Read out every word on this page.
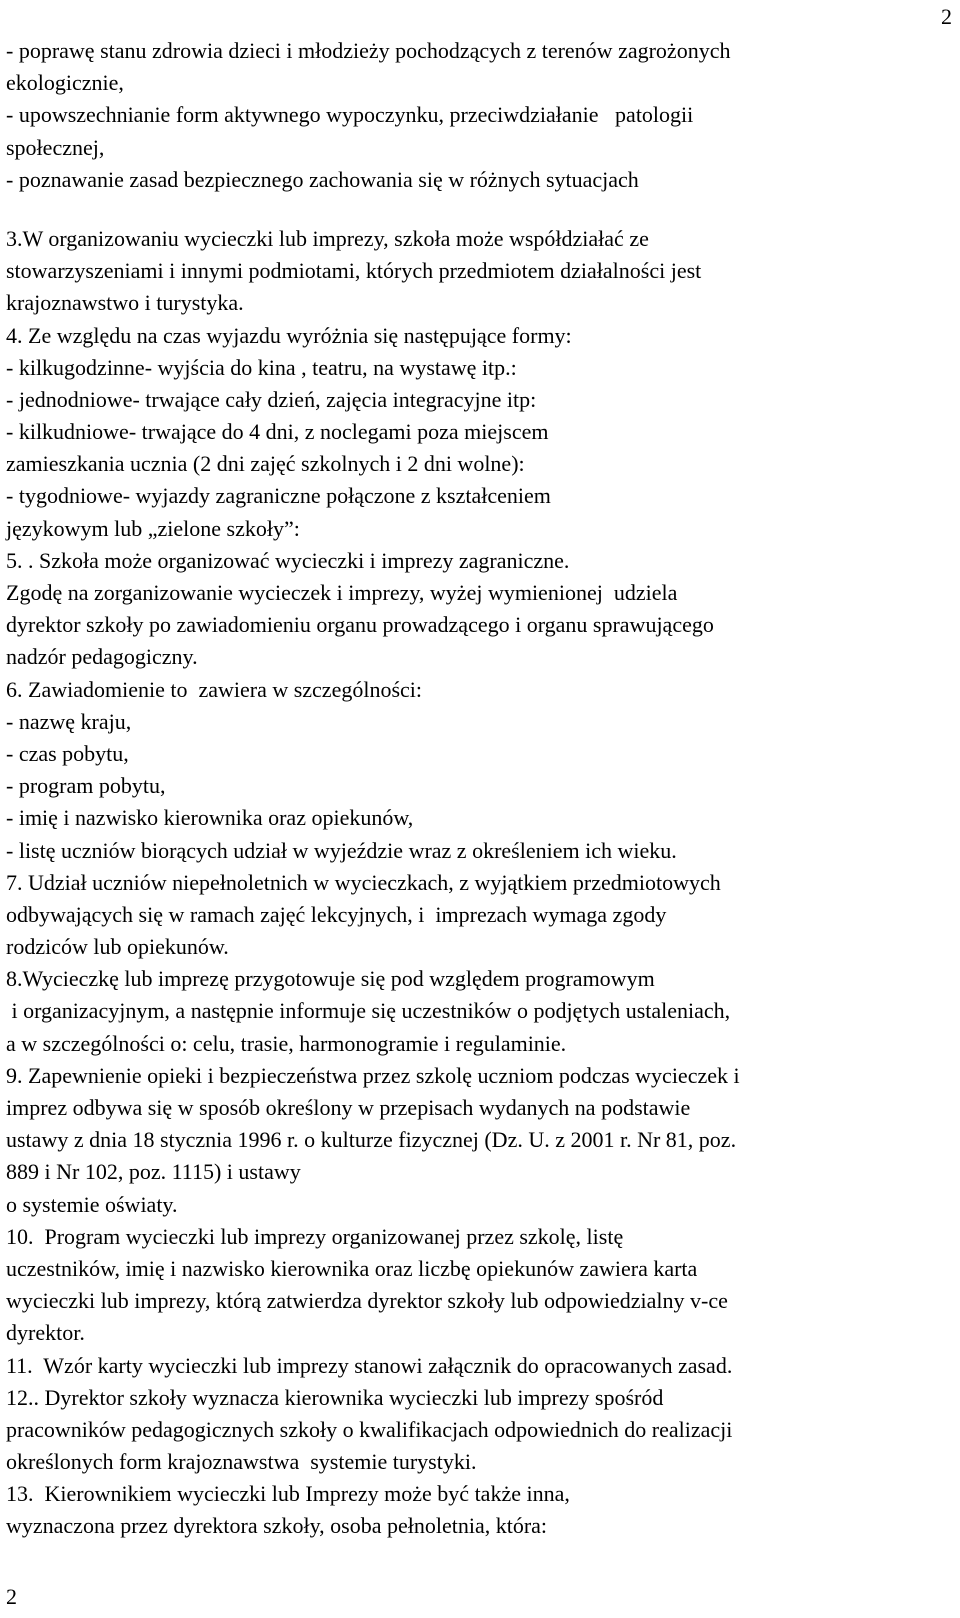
2
- poprawę stanu zdrowia dzieci i młodzieży pochodzących z terenów zagrożonych
ekologicznie,
- upowszechnianie form aktywnego wypoczynku, przeciwdziałanie   patologii
społecznej,
- poznawanie zasad bezpiecznego zachowania się w różnych sytuacjach
3.W organizowaniu wycieczki lub imprezy, szkoła może współdziałać ze
stowarzyszeniami i innymi podmiotami, których przedmiotem działalności jest
krajoznawstwo i turystyka.
4. Ze względu na czas wyjazdu wyróżnia się następujące formy:
- kilkugodzinne- wyjścia do kina , teatru, na wystawę itp.:
- jednodniowe- trwające cały dzień, zajęcia integracyjne itp:
- kilkudniowe- trwające do 4 dni, z noclegami poza miejscem
zamieszkania ucznia (2 dni zajęć szkolnych i 2 dni wolne):
- tygodniowe- wyjazdy zagraniczne połączone z kształceniem
językowym lub „zielone szkoły”:
5. . Szkoła może organizować wycieczki i imprezy zagraniczne.
Zgodę na zorganizowanie wycieczek i imprezy, wyżej wymienionej  udziela
dyrektor szkoły po zawiadomieniu organu prowadzącego i organu sprawującego
nadzór pedagogiczny.
6. Zawiadomienie to  zawiera w szczególności:
- nazwę kraju,
- czas pobytu,
- program pobytu,
- imię i nazwisko kierownika oraz opiekunów,
- listę uczniów biorących udział w wyjeździe wraz z określeniem ich wieku.
7. Udział uczniów niepełnoletnich w wycieczkach, z wyjątkiem przedmiotowych
odbywających się w ramach zajęć lekcyjnych, i  imprezach wymaga zgody
rodziców lub opiekunów.
8.Wycieczkę lub imprezę przygotowuje się pod względem programowym
i organizacyjnym, a następnie informuje się uczestników o podjętych ustaleniach,
a w szczególności o: celu, trasie, harmonogramie i regulaminie.
9. Zapewnienie opieki i bezpieczeństwa przez szkolę uczniom podczas wycieczek i
imprez odbywa się w sposób określony w przepisach wydanych na podstawie
ustawy z dnia 18 stycznia 1996 r. o kulturze fizycznej (Dz. U. z 2001 r. Nr 81, poz.
889 i Nr 102, poz. 1115) i ustawy
o systemie oświaty.
10.  Program wycieczki lub imprezy organizowanej przez szkolę, listę
uczestników, imię i nazwisko kierownika oraz liczbę opiekunów zawiera karta
wycieczki lub imprezy, którą zatwierdza dyrektor szkoły lub odpowiedzialny v-ce
dyrektor.
11.  Wzór karty wycieczki lub imprezy stanowi załącznik do opracowanych zasad.
12.. Dyrektor szkoły wyznacza kierownika wycieczki lub imprezy spośród
pracowników pedagogicznych szkoły o kwalifikacjach odpowiednich do realizacji
określonych form krajoznawstwa  systemie turystyki.
13.  Kierownikiem wycieczki lub Imprezy może być także inna,
wyznaczona przez dyrektora szkoły, osoba pełnoletnia, która:
2
